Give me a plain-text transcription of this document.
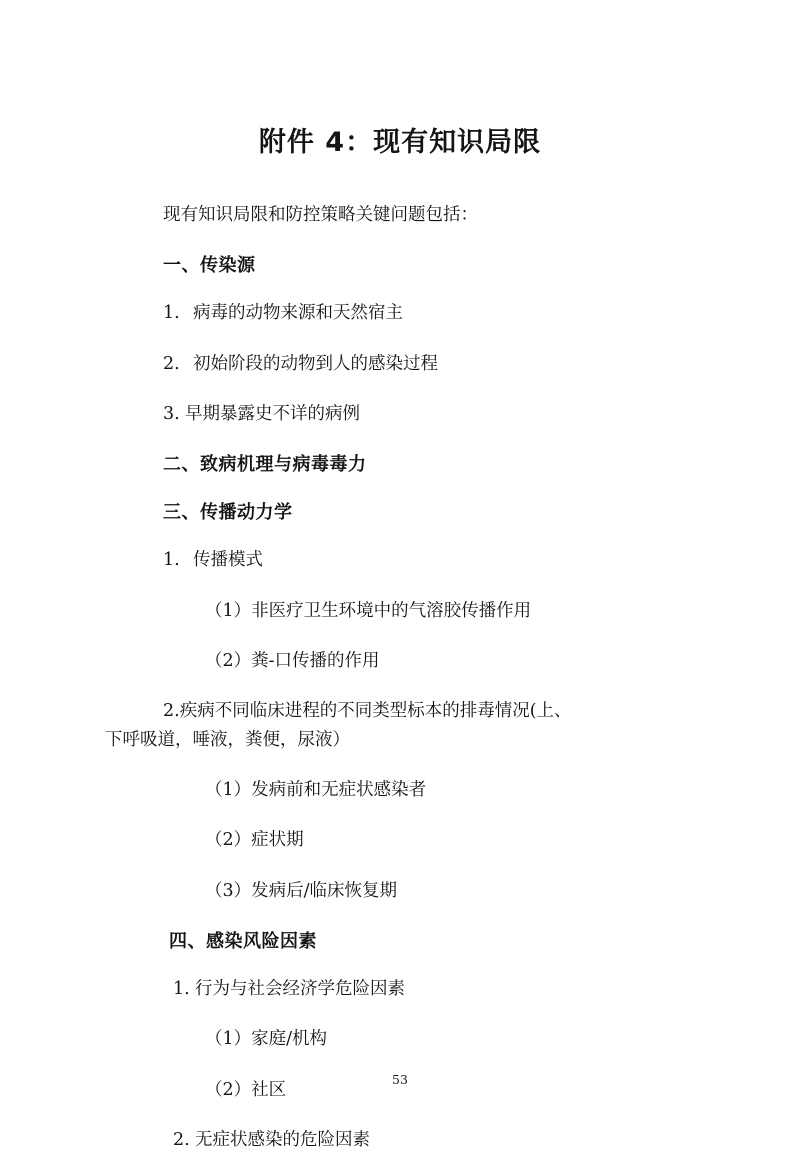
附件 4：现有知识局限

现有知识局限和防控策略关键问题包括：

一、传染源

1. 病毒的动物来源和天然宿主

2. 初始阶段的动物到人的感染过程

3. 早期暴露史不详的病例

二、致病机理与病毒毒力

三、传播动力学

1. 传播模式

（1）非医疗卫生环境中的气溶胶传播作用

（2）粪-口传播的作用

2.疾病不同临床进程的不同类型标本的排毒情况(上、
下呼吸道，唾液，粪便，尿液）

（1）发病前和无症状感染者

（2）症状期

（3）发病后/临床恢复期

四、感染风险因素

1. 行为与社会经济学危险因素

（1）家庭/机构

（2）社区

2. 无症状感染的危险因素

53
